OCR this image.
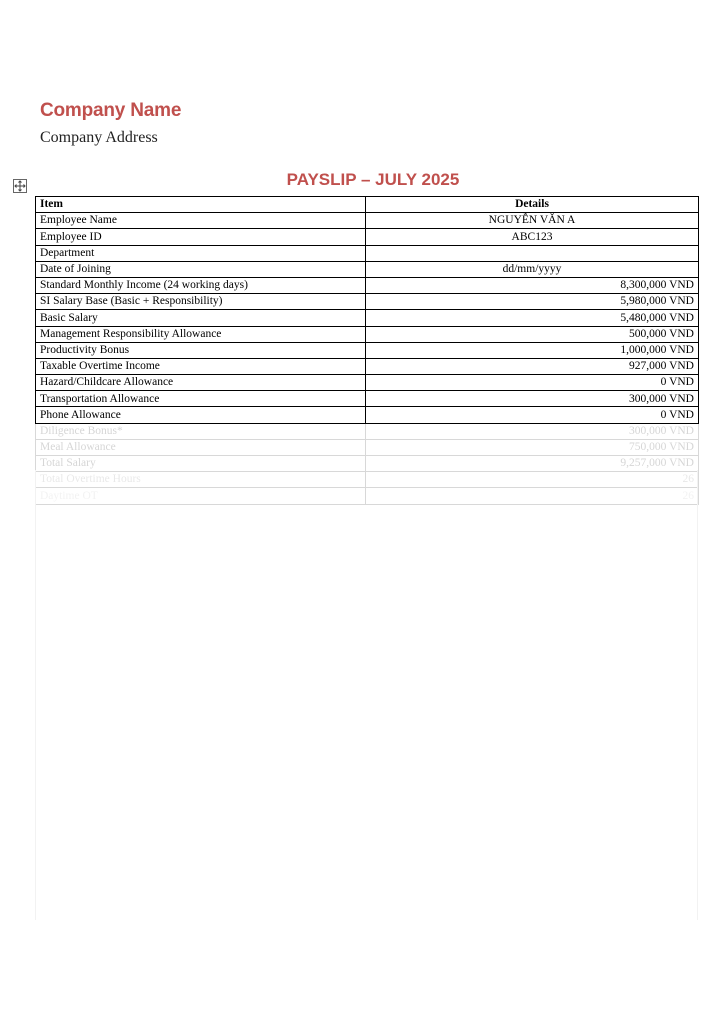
Company Name
Company Address
PAYSLIP – JULY 2025
Item	Details
Employee Name	NGUYỄN VĂN A
Employee ID	ABC123
Department	
Date of Joining	dd/mm/yyyy
Standard Monthly Income (24 working days)	8,300,000 VND
SI Salary Base (Basic + Responsibility)	5,980,000 VND
Basic Salary	5,480,000 VND
Management Responsibility Allowance	500,000 VND
Productivity Bonus	1,000,000 VND
Taxable Overtime Income	927,000 VND
Hazard/Childcare Allowance	0 VND
Transportation Allowance	300,000 VND
Phone Allowance	0 VND
Diligence Bonus*	300,000 VND
Meal Allowance	750,000 VND
Total Salary	9,257,000 VND
Total Overtime Hours	26
Daytime OT	26
